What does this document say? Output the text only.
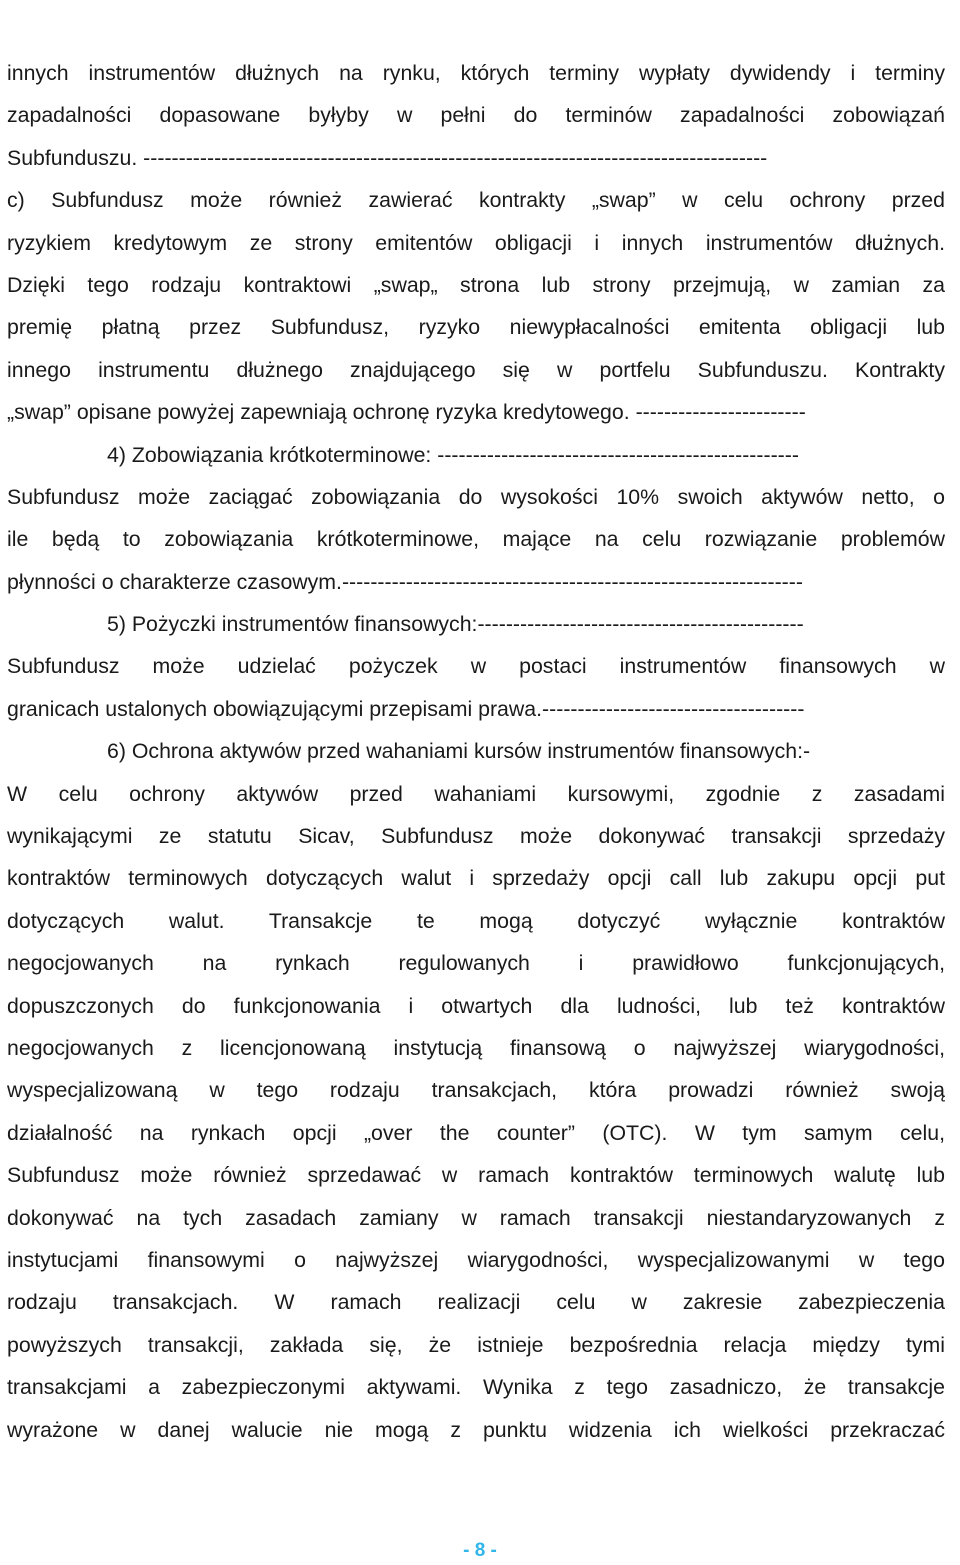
innych instrumentów dłużnych na rynku, których terminy wypłaty dywidendy i terminy
zapadalności dopasowane byłyby w pełni do terminów zapadalności zobowiązań
Subfunduszu. ----------------------------------------------------------------------------------------
c) Subfundusz może również zawierać kontrakty „swap” w celu ochrony przed
ryzykiem kredytowym ze strony emitentów obligacji i innych instrumentów dłużnych.
Dzięki tego rodzaju kontraktowi „swap„ strona lub strony przejmują, w zamian za
premię płatną przez Subfundusz, ryzyko niewypłacalności emitenta obligacji lub
innego instrumentu dłużnego znajdującego się w portfelu Subfunduszu. Kontrakty
„swap” opisane powyżej zapewniają ochronę ryzyka kredytowego. ------------------------
4) Zobowiązania krótkoterminowe: ---------------------------------------------------
Subfundusz może zaciągać zobowiązania do wysokości 10% swoich aktywów netto, o
ile będą to zobowiązania krótkoterminowe, mające na celu rozwiązanie problemów
płynności o charakterze czasowym.-----------------------------------------------------------------
5) Pożyczki instrumentów finansowych:----------------------------------------------
Subfundusz może udzielać pożyczek w postaci instrumentów finansowych w
granicach ustalonych obowiązującymi przepisami prawa.-------------------------------------
6) Ochrona aktywów przed wahaniami kursów instrumentów finansowych:-
W celu ochrony aktywów przed wahaniami kursowymi, zgodnie z zasadami
wynikającymi ze statutu Sicav, Subfundusz może dokonywać transakcji sprzedaży
kontraktów terminowych dotyczących walut i sprzedaży opcji call lub zakupu opcji put
dotyczących walut. Transakcje te mogą dotyczyć wyłącznie kontraktów
negocjowanych na rynkach regulowanych i prawidłowo funkcjonujących,
dopuszczonych do funkcjonowania i otwartych dla ludności, lub też kontraktów
negocjowanych z licencjonowaną instytucją finansową o najwyższej wiarygodności,
wyspecjalizowaną w tego rodzaju transakcjach, która prowadzi również swoją
działalność na rynkach opcji „over the counter” (OTC). W tym samym celu,
Subfundusz może również sprzedawać w ramach kontraktów terminowych walutę lub
dokonywać na tych zasadach zamiany w ramach transakcji niestandaryzowanych z
instytucjami finansowymi o najwyższej wiarygodności, wyspecjalizowanymi w tego
rodzaju transakcjach. W ramach realizacji celu w zakresie zabezpieczenia
powyższych transakcji, zakłada się, że istnieje bezpośrednia relacja między tymi
transakcjami a zabezpieczonymi aktywami. Wynika z tego zasadniczo, że transakcje
wyrażone w danej walucie nie mogą z punktu widzenia ich wielkości przekraczać
- 8 -
